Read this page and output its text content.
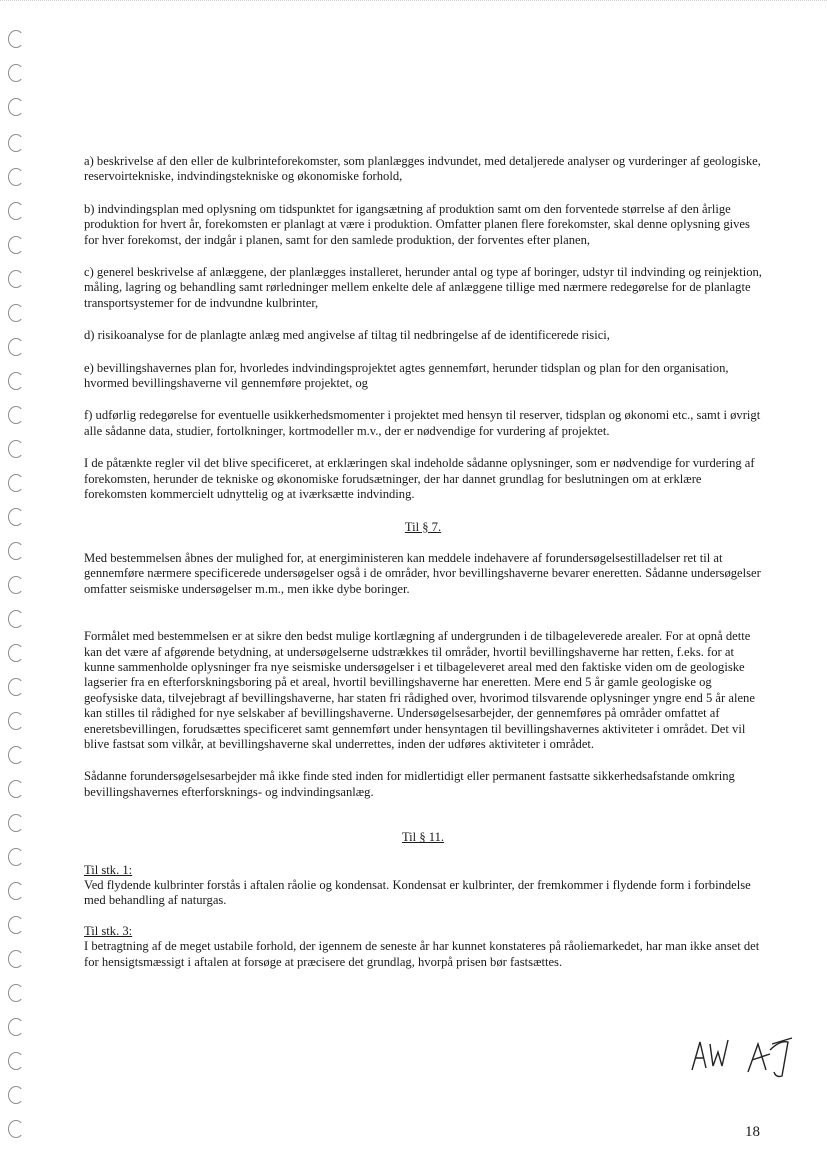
a) beskrivelse af den eller de kulbrinteforekomster, som planlægges indvundet, med detaljerede analyser og vurderinger af geologiske, reservoirtekniske, indvindingstekniske og økonomiske forhold,

b) indvindingsplan med oplysning om tidspunktet for igangsætning af produktion samt om den forventede størrelse af den årlige produktion for hvert år, forekomsten er planlagt at være i produktion. Omfatter planen flere forekomster, skal denne oplysning gives for hver forekomst, der indgår i planen, samt for den samlede produktion, der forventes efter planen,

c) generel beskrivelse af anlæggene, der planlægges installeret, herunder antal og type af boringer, udstyr til indvinding og reinjektion, måling, lagring og behandling samt rørledninger mellem enkelte dele af anlæggene tillige med nærmere redegørelse for de planlagte transportsystemer for de indvundne kulbrinter,

d) risikoanalyse for de planlagte anlæg med angivelse af tiltag til nedbringelse af de identificerede risici,

e) bevillingshavernes plan for, hvorledes indvindingsprojektet agtes gennemført, herunder tidsplan og plan for den organisation, hvormed bevillingshaverne vil gennemføre projektet, og

f) udførlig redegørelse for eventuelle usikkerhedsmomenter i projektet med hensyn til reserver, tidsplan og økonomi etc., samt i øvrigt alle sådanne data, studier, fortolkninger, kortmodeller m.v., der er nødvendige for vurdering af projektet.

I de påtænkte regler vil det blive specificeret, at erklæringen skal indeholde sådanne oplysninger, som er nødvendige for vurdering af forekomsten, herunder de tekniske og økonomiske forudsætninger, der har dannet grundlag for beslutningen om at erklære forekomsten kommercielt udnyttelig og at iværksætte indvinding.

Til § 7.

Med bestemmelsen åbnes der mulighed for, at energiministeren kan meddele indehavere af forundersøgelsestilladelser ret til at gennemføre nærmere specificerede undersøgelser også i de områder, hvor bevillingshaverne bevarer eneretten. Sådanne undersøgelser omfatter seismiske undersøgelser m.m., men ikke dybe boringer.

Formålet med bestemmelsen er at sikre den bedst mulige kortlægning af undergrunden i de tilbageleverede arealer. For at opnå dette kan det være af afgørende betydning, at undersøgelserne udstrækkes til områder, hvortil bevillingshaverne har retten, f.eks. for at kunne sammenholde oplysninger fra nye seismiske undersøgelser i et tilbageleveret areal med den faktiske viden om de geologiske lagserier fra en efterforskningsboring på et areal, hvortil bevillingshaverne har eneretten. Mere end 5 år gamle geologiske og geofysiske data, tilvejebragt af bevillingshaverne, har staten fri rådighed over, hvorimod tilsvarende oplysninger yngre end 5 år alene kan stilles til rådighed for nye selskaber af bevillingshaverne. Undersøgelsesarbejder, der gennemføres på områder omfattet af eneretsbevillingen, forudsættes specificeret samt gennemført under hensyntagen til bevillingshavernes aktiviteter i området. Det vil blive fastsat som vilkår, at bevillingshaverne skal underrettes, inden der udføres aktiviteter i området.

Sådanne forundersøgelsesarbejder må ikke finde sted inden for midlertidigt eller permanent fastsatte sikkerhedsafstande omkring bevillingshavernes efterforsknings- og indvindingsanlæg.

Til § 11.

Til stk. 1:
Ved flydende kulbrinter forstås i aftalen råolie og kondensat. Kondensat er kulbrinter, der fremkommer i flydende form i forbindelse med behandling af naturgas.

Til stk. 3:
I betragtning af de meget ustabile forhold, der igennem de seneste år har kunnet konstateres på råoliemarkedet, har man ikke anset det for hensigtsmæssigt i aftalen at forsøge at præcisere det grundlag, hvorpå prisen bør fastsættes.

18
